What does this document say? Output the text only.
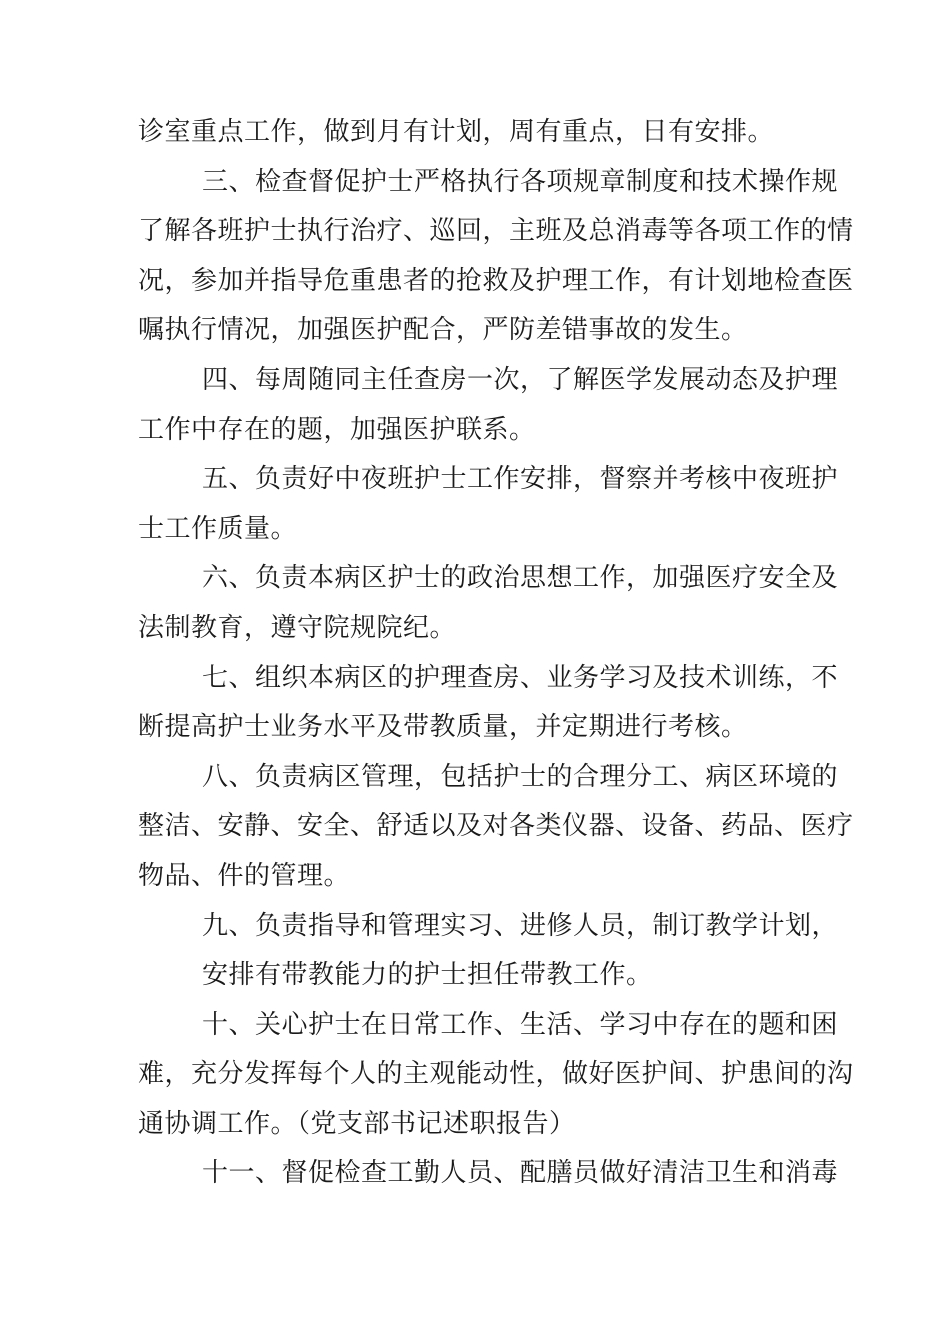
诊室重点工作，做到月有计划，周有重点，日有安排。
三、检查督促护士严格执行各项规章制度和技术操作规
了解各班护士执行治疗、巡回，主班及总消毒等各项工作的情
况，参加并指导危重患者的抢救及护理工作，有计划地检查医
嘱执行情况，加强医护配合，严防差错事故的发生。
四、每周随同主任查房一次，了解医学发展动态及护理
工作中存在的题，加强医护联系。
五、负责好中夜班护士工作安排，督察并考核中夜班护
士工作质量。
六、负责本病区护士的政治思想工作，加强医疗安全及
法制教育，遵守院规院纪。
七、组织本病区的护理查房、业务学习及技术训练，不
断提高护士业务水平及带教质量，并定期进行考核。
八、负责病区管理，包括护士的合理分工、病区环境的
整洁、安静、安全、舒适以及对各类仪器、设备、药品、医疗
物品、件的管理。
九、负责指导和管理实习、进修人员，制订教学计划，
安排有带教能力的护士担任带教工作。
十、关心护士在日常工作、生活、学习中存在的题和困
难，充分发挥每个人的主观能动性，做好医护间、护患间的沟
通协调工作。（党支部书记述职报告）
十一、督促检查工勤人员、配膳员做好清洁卫生和消毒
